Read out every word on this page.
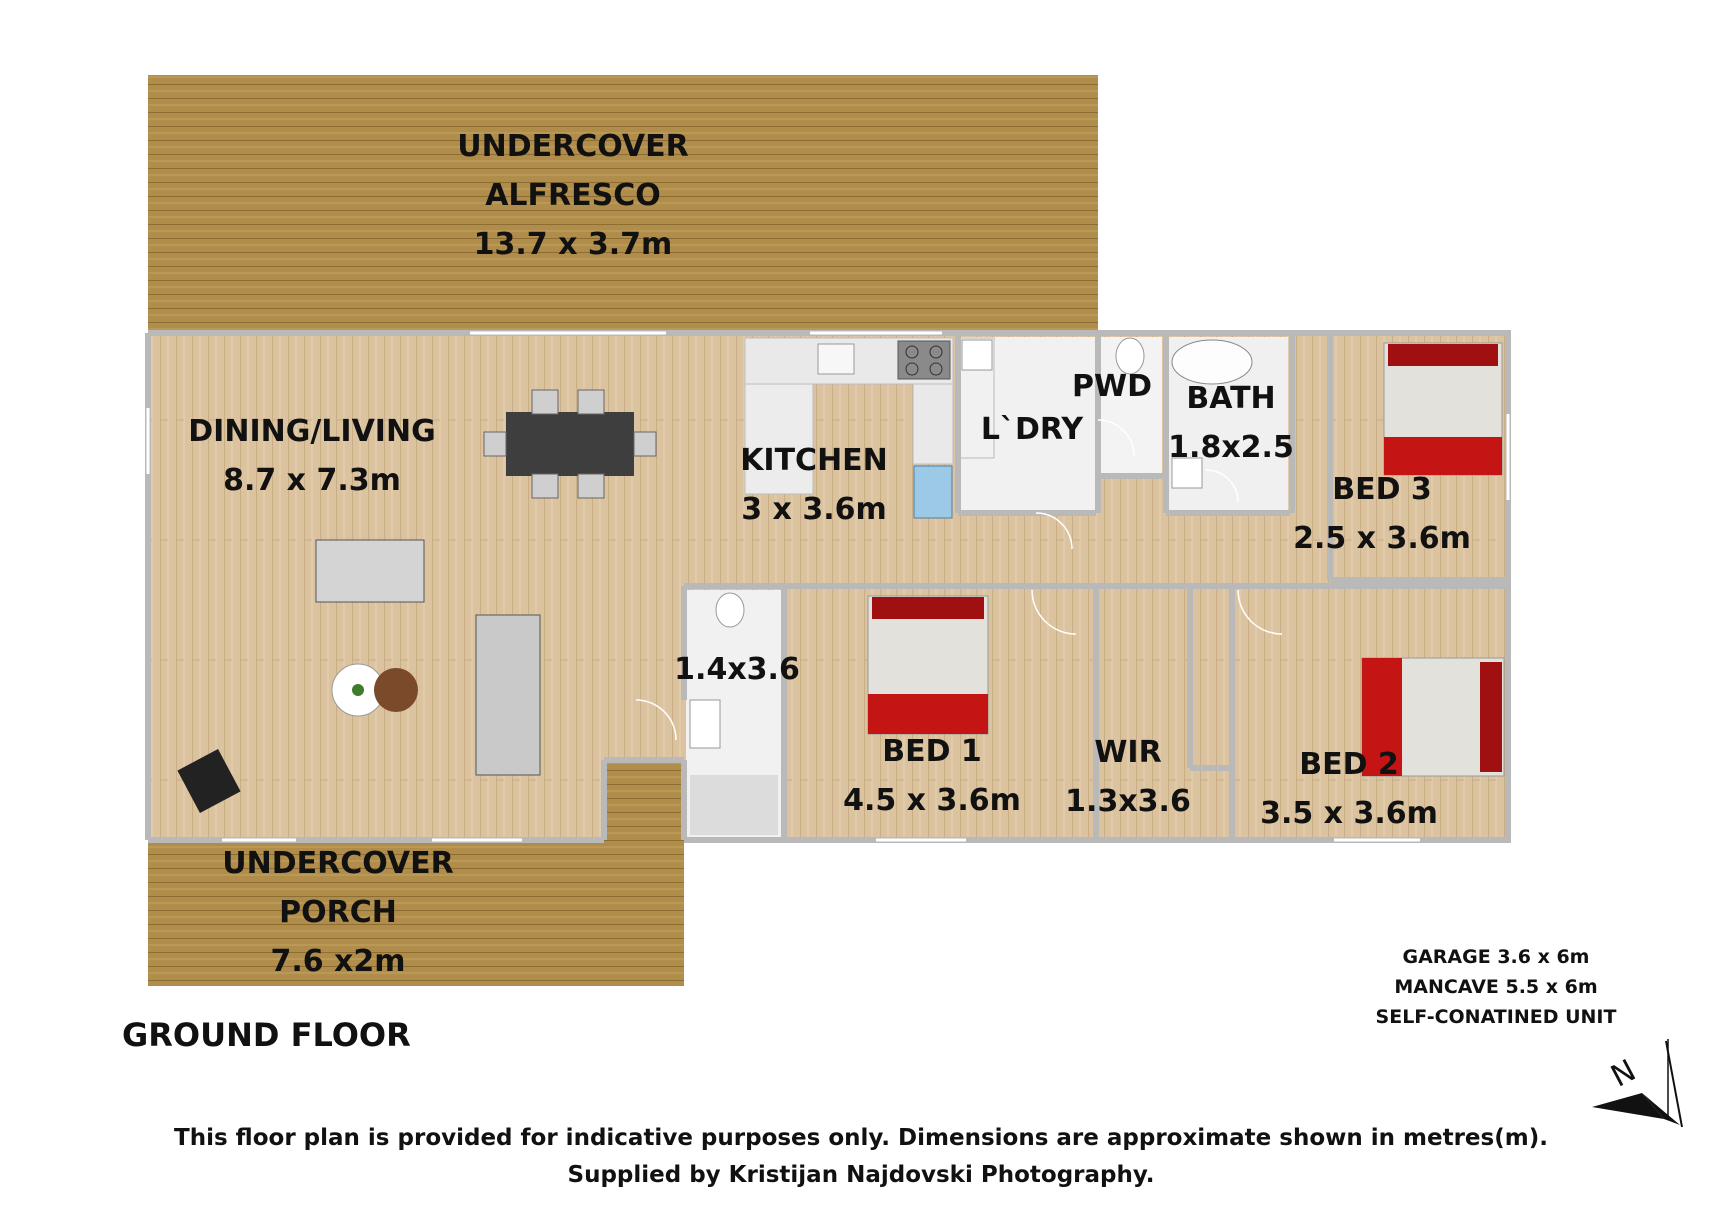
UNDERCOVER
ALFRESCO
13.7 x 3.7m
DINING/LIVING
8.7 x 7.3m
KITCHEN
3 x 3.6m
L`DRY
PWD	BATH
1.8x2.5
BED 3
2.5 x 3.6m
1.4x3.6
BED 1
4.5 x 3.6m
WIR
1.3x3.6
BED 2
3.5 x 3.6m
UNDERCOVER
PORCH
7.6 x2m
GROUND FLOOR
GARAGE 3.6 x 6m
MANCAVE 5.5 x 6m
SELF-CONATINED UNIT
N
This floor plan is provided for indicative purposes only. Dimensions are approximate shown in metres(m).
Supplied by Kristijan Najdovski Photography.
